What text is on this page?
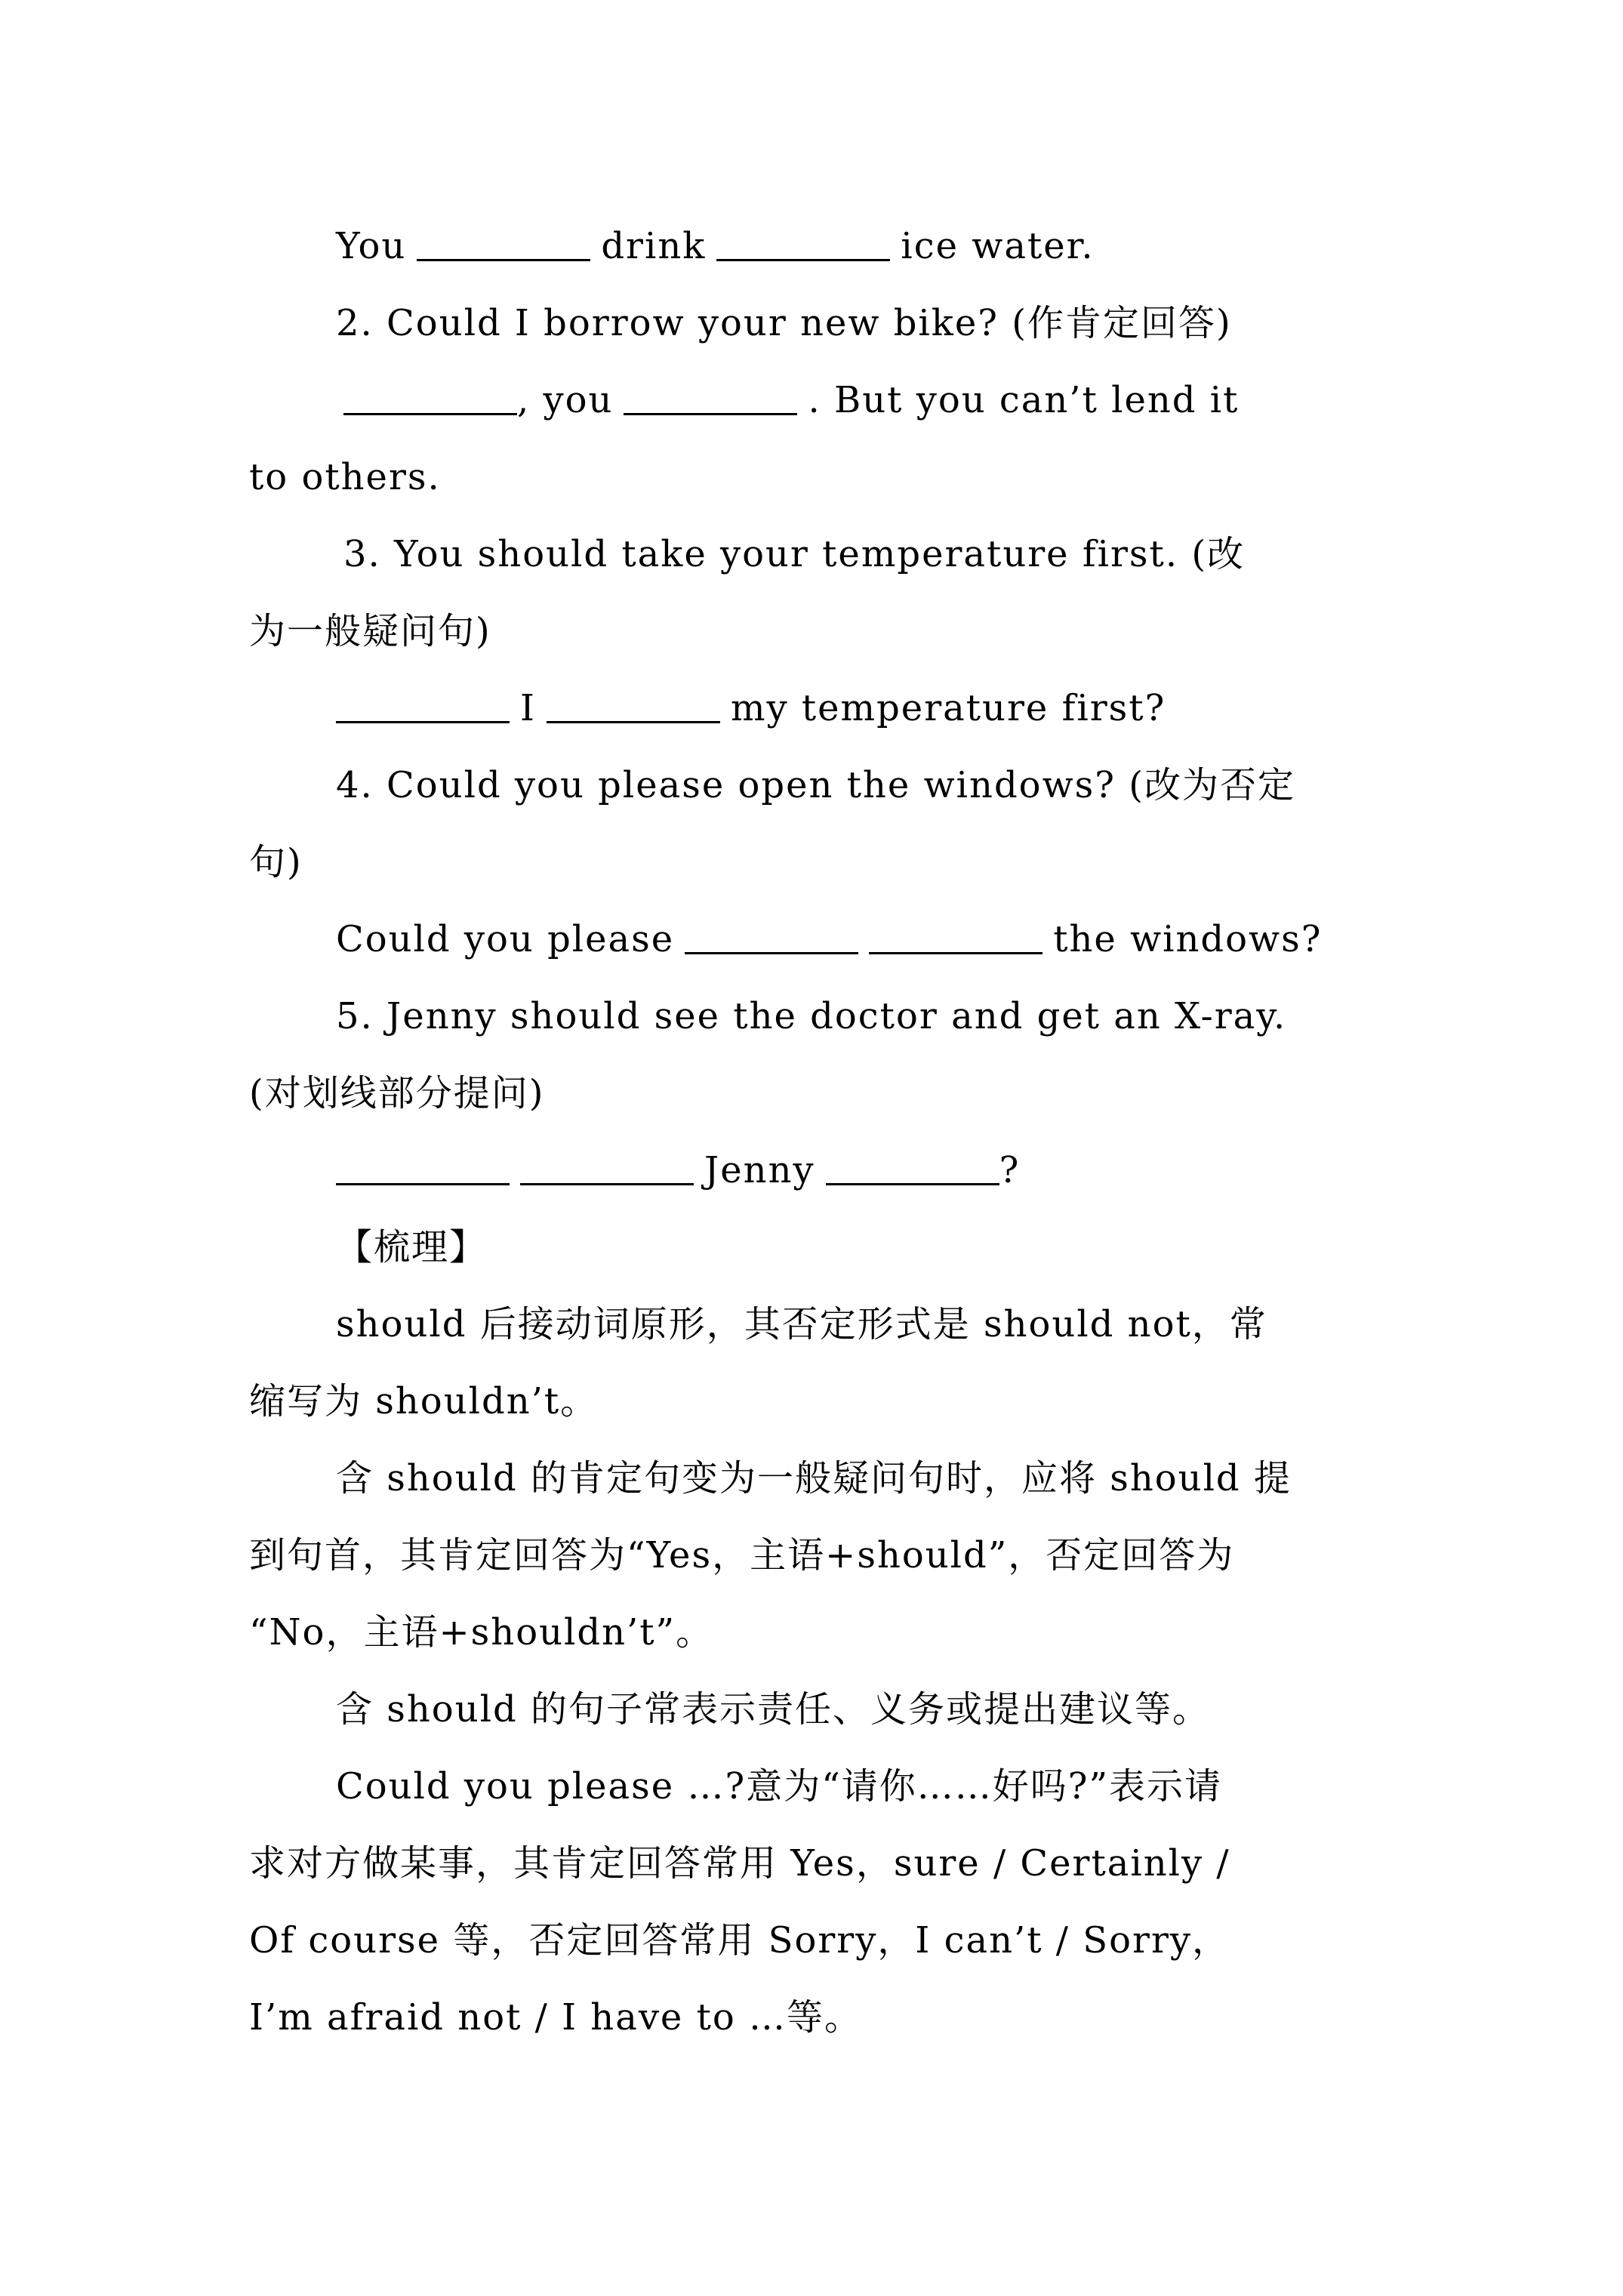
You	drink	ice water.
2. Could I borrow your new bike? (作肯定回答)
, you	. But you can’t lend it
to others.
3. You should take your temperature first. (改
为一般疑问句)
I	my temperature first?
4. Could you please open the windows? (改为否定
句)
Could you please	the windows?
5. Jenny should see the doctor and get an X-ray.
(对划线部分提问)
Jenny	?
【梳理】
should 后接动词原形，其否定形式是 should not，常
缩写为 shouldn’t。
含 should 的肯定句变为一般疑问句时，应将 should 提
到句首，其肯定回答为“Yes，主语+should”，否定回答为
“No，主语+shouldn’t”。
含 should 的句子常表示责任、义务或提出建议等。
Could you please …?意为“请你……好吗?”表示请
求对方做某事，其肯定回答常用 Yes，sure / Certainly /
Of course 等，否定回答常用 Sorry，I can’t / Sorry，
I’m afraid not / I have to …等。
